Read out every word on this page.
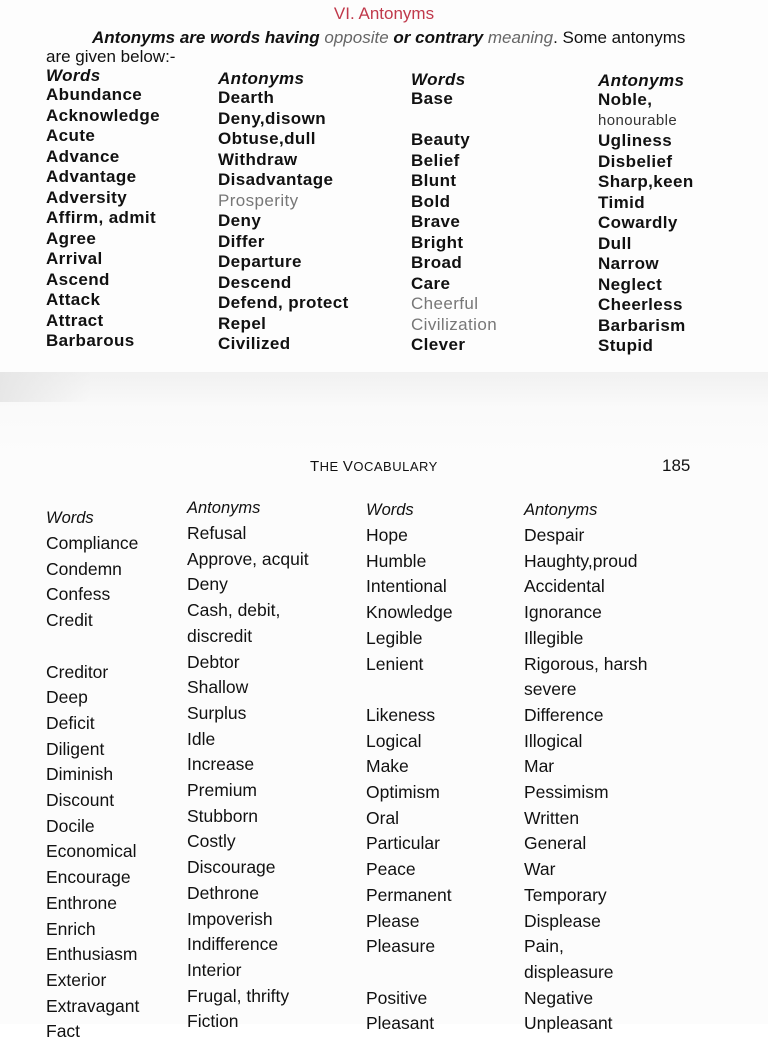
VI. Antonyms
Antonyms are words having opposite or contrary meaning. Some antonyms
are given below:-
Words
Abundance
Acknowledge
Acute
Advance
Advantage
Adversity
Affirm, admit
Agree
Arrival
Ascend
Attack
Attract
Barbarous
Antonyms
Dearth
Deny,disown
Obtuse,dull
Withdraw
Disadvantage
Prosperity
Deny
Differ
Departure
Descend
Defend, protect
Repel
Civilized
Words
Base

Beauty
Belief
Blunt
Bold
Brave
Bright
Broad
Care
Cheerful
Civilization
Clever
Antonyms
Noble,
honourable
Ugliness
Disbelief
Sharp,keen
Timid
Cowardly
Dull
Narrow
Neglect
Cheerless
Barbarism
Stupid
THE VOCABULARY	185
Words
Compliance
Condemn
Confess
Credit

Creditor
Deep
Deficit
Diligent
Diminish
Discount
Docile
Economical
Encourage
Enthrone
Enrich
Enthusiasm
Exterior
Extravagant
Fact
Antonyms
Refusal
Approve, acquit
Deny
Cash, debit,
discredit
Debtor
Shallow
Surplus
Idle
Increase
Premium
Stubborn
Costly
Discourage
Dethrone
Impoverish
Indifference
Interior
Frugal, thrifty
Fiction
Words
Hope
Humble
Intentional
Knowledge
Legible
Lenient

Likeness
Logical
Make
Optimism
Oral
Particular
Peace
Permanent
Please
Pleasure

Positive
Pleasant
Antonyms
Despair
Haughty,proud
Accidental
Ignorance
Illegible
Rigorous, harsh
severe
Difference
Illogical
Mar
Pessimism
Written
General
War
Temporary
Displease
Pain,
displeasure
Negative
Unpleasant
